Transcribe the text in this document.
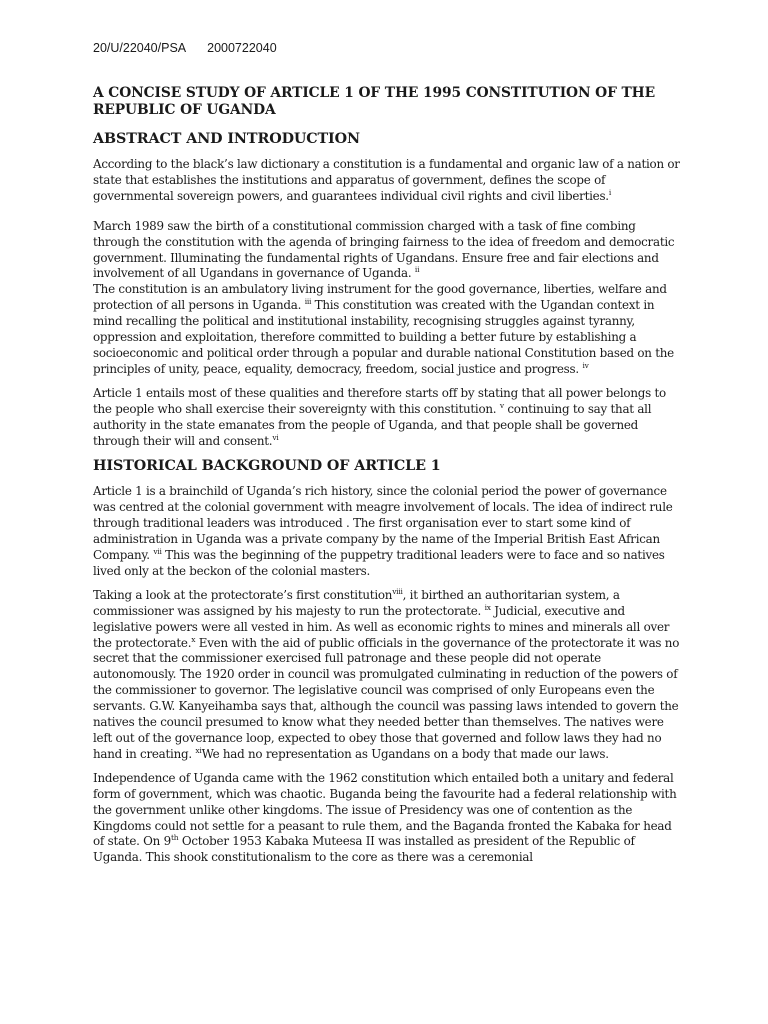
20/U/22040/PSA 2000722040
A CONCISE STUDY OF ARTICLE 1 OF THE 1995 CONSTITUTION OF THE REPUBLIC OF UGANDA
ABSTRACT AND INTRODUCTION

According to the black’s law dictionary a constitution is a fundamental and organic law of a nation or state that establishes the institutions and apparatus of government, defines the scope of governmental sovereign powers, and guarantees individual civil rights and civil liberties.$^i$

March 1989 saw the birth of a constitutional commission charged with a task of fine combing through the constitution with the agenda of bringing fairness to the idea of freedom and democratic government. Illuminating the fundamental rights of Ugandans. Ensure free and fair elections and involvement of all Ugandans in governance of Uganda. $^{ii}$

The constitution is an ambulatory living instrument for the good governance, liberties, welfare and protection of all persons in Uganda. $^{iii}$ This constitution was created with the Ugandan context in mind recalling the political and institutional instability, recognising struggles against tyranny, oppression and exploitation, therefore committed to building a better future by establishing a socioeconomic and political order through a popular and durable national Constitution based on the principles of unity, peace, equality, democracy, freedom, social justice and progress. $^{iv}$

Article 1 entails most of these qualities and therefore starts off by stating that all power belongs to the people who shall exercise their sovereignty with this constitution. $^v$ continuing to say that all authority in the state emanates from the people of Uganda, and that people shall be governed through their will and consent.$^{vi}$

HISTORICAL BACKGROUND OF ARTICLE 1

Article 1 is a brainchild of Uganda’s rich history, since the colonial period the power of governance was centred at the colonial government with meagre involvement of locals. The idea of indirect rule through traditional leaders was introduced . The first organisation ever to start some kind of administration in Uganda was a private company by the name of the Imperial British East African Company. $^{vii}$ This was the beginning of the puppetry traditional leaders were to face and so natives lived only at the beckon of the colonial masters.

Taking a look at the protectorate’s first constitution$^{viii}$, it birthed an authoritarian system, a commissioner was assigned by his majesty to run the protectorate. $^{ix}$ Judicial, executive and legislative powers were all vested in him. As well as economic rights to mines and minerals all over the protectorate.$^x$ Even with the aid of public officials in the governance of the protectorate it was no secret that the commissioner exercised full patronage and these people did not operate autonomously. The 1920 order in council was promulgated culminating in reduction of the powers of the commissioner to governor. The legislative council was comprised of only Europeans even the servants. G.W. Kanyeihamba says that, although the council was passing laws intended to govern the natives the council presumed to know what they needed better than themselves. The natives were left out of the governance loop, expected to obey those that governed and follow laws they had no hand in creating. $^{xi}$We had no representation as Ugandans on a body that made our laws.

Independence of Uganda came with the 1962 constitution which entailed both a unitary and federal form of government, which was chaotic. Buganda being the favourite had a federal relationship with the government unlike other kingdoms. The issue of Presidency was one of contention as the Kingdoms could not settle for a peasant to rule them, and the Baganda fronted the Kabaka for head of state. On 9th October 1953 Kabaka Muteesa II was installed as president of the Republic of Uganda. This shook constitutionalism to the core as there was a ceremonial
